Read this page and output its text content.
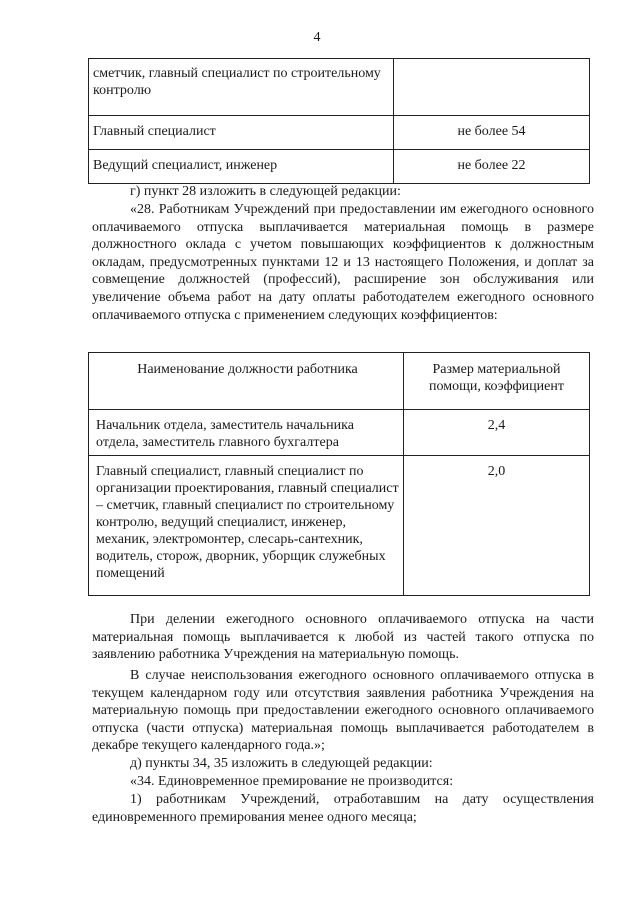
4
сметчик, главный специалист по строительному контролю	
Главный специалист	не более 54
Ведущий специалист, инженер	не более 22

г) пункт 28 изложить в следующей редакции:

«28. Работникам Учреждений при предоставлении им ежегодного основного оплачиваемого отпуска выплачивается материальная помощь в размере должностного оклада с учетом повышающих коэффициентов к должностным окладам, предусмотренных пунктами 12 и 13 настоящего Положения, и доплат за совмещение должностей (профессий), расширение зон обслуживания или увеличение объема работ на дату оплаты работодателем ежегодного основного оплачиваемого отпуска с применением следующих коэффициентов:

Наименование должности работника	Размер материальной помощи, коэффициент
Начальник отдела, заместитель начальника отдела, заместитель главного бухгалтера	2,4
Главный специалист, главный специалист по организации проектирования, главный специалист – сметчик, главный специалист по строительному контролю, ведущий специалист, инженер, механик, электромонтер, слесарь-сантехник, водитель, сторож, дворник, уборщик служебных помещений	2,0

При делении ежегодного основного оплачиваемого отпуска на части материальная помощь выплачивается к любой из частей такого отпуска по заявлению работника Учреждения на материальную помощь.

В случае неиспользования ежегодного основного оплачиваемого отпуска в текущем календарном году или отсутствия заявления работника Учреждения на материальную помощь при предоставлении ежегодного основного оплачиваемого отпуска (части отпуска) материальная помощь выплачивается работодателем в декабре текущего календарного года.»;

д) пункты 34, 35 изложить в следующей редакции:

«34. Единовременное премирование не производится:

1) работникам Учреждений, отработавшим на дату осуществления единовременного премирования менее одного месяца;
